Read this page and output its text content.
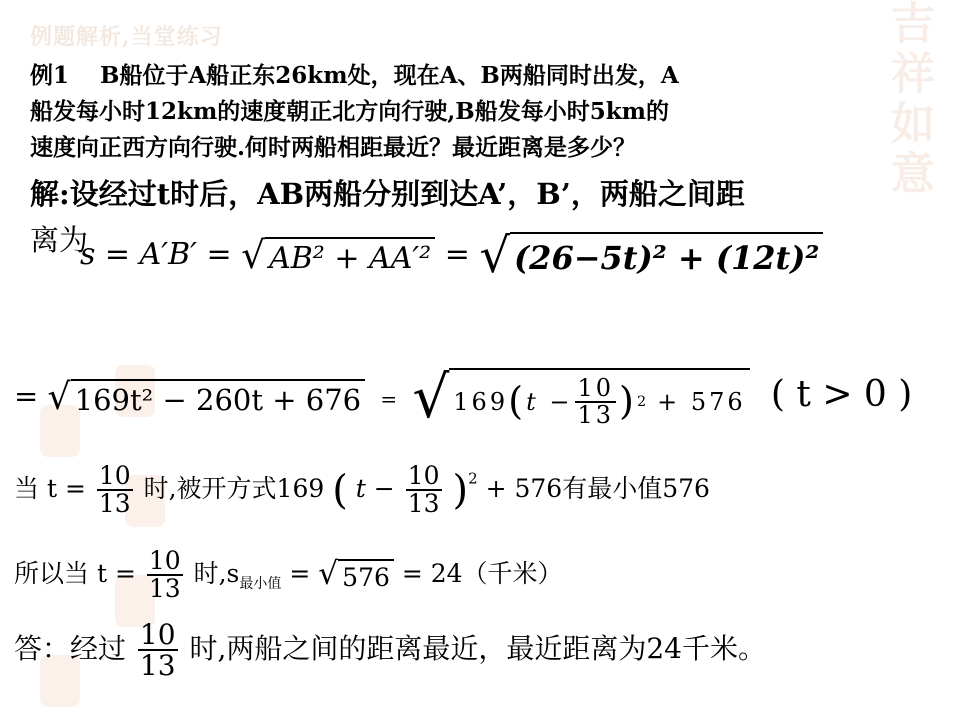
吉祥如意
例题解析,当堂练习
例1　 B船位于A船正东26km处，现在A、B两船同时出发，A
船发每小时12km的速度朝正北方向行驶,B船发每小时5km的
速度向正西方向行驶.何时两船相距最近？最近距离是多少？
解:设经过t时后，AB两船分别到达A’，B’，两船之间距
离为
s = A′B′ = √ AB² + AA′² = √ (26−5t)² + (12t)²
= √ 169t² − 260t + 676 = √ 169 ( $t - \frac{10}{13}$ ) 2 + 576 ( t > 0 )
当 $t = \frac{10}{13}$ 时,被开方式169 ( $t - \frac{10}{13} )^2 + 576$有最小值576
所以当 $t = \frac{10}{13}$ 时$,s_{最小值}$ = √ 576 = 24（千米）
答：经过 $\frac{10}{13}$ 时,两船之间的距离最近，最近距离为24千米。
